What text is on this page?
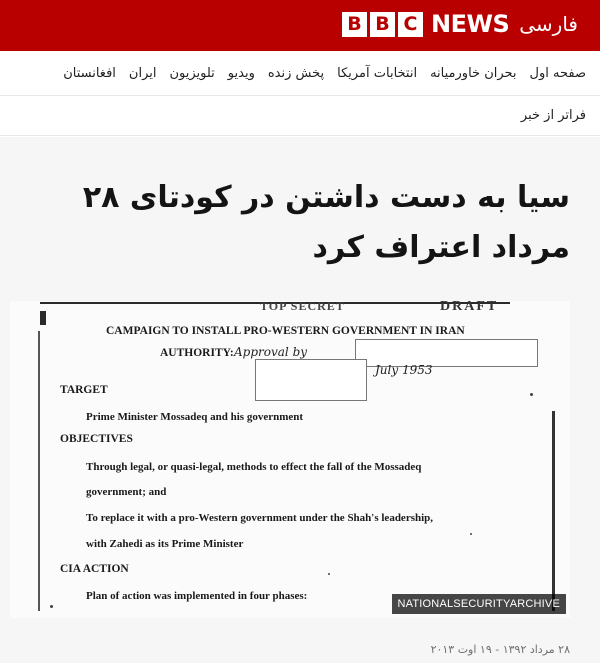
B B C NEWS فارسی
صفحه اول
بحران خاورمیانه
انتخابات آمریکا
پخش زنده
ویدیو
تلویزیون
ایران
افغانستان
فراتر از خبر
سیا به دست داشتن در کودتای ۲۸ مرداد اعتراف کرد
TOP SECRET	DRAFT
CAMPAIGN TO INSTALL PRO-WESTERN GOVERNMENT IN IRAN
AUTHORITY: Approval by
July 1953
TARGET
Prime Minister Mossadeq and his government
OBJECTIVES
Through legal, or quasi-legal, methods to effect the fall of the Mossadeq
government; and
To replace it with a pro-Western government under the Shah's leadership,
with Zahedi as its Prime Minister
CIA ACTION
Plan of action was implemented in four phases:
NATIONALSECURITYARCHIVE
۲۸ مرداد ۱۳۹۲ - ۱۹ اوت ۲۰۱۳
